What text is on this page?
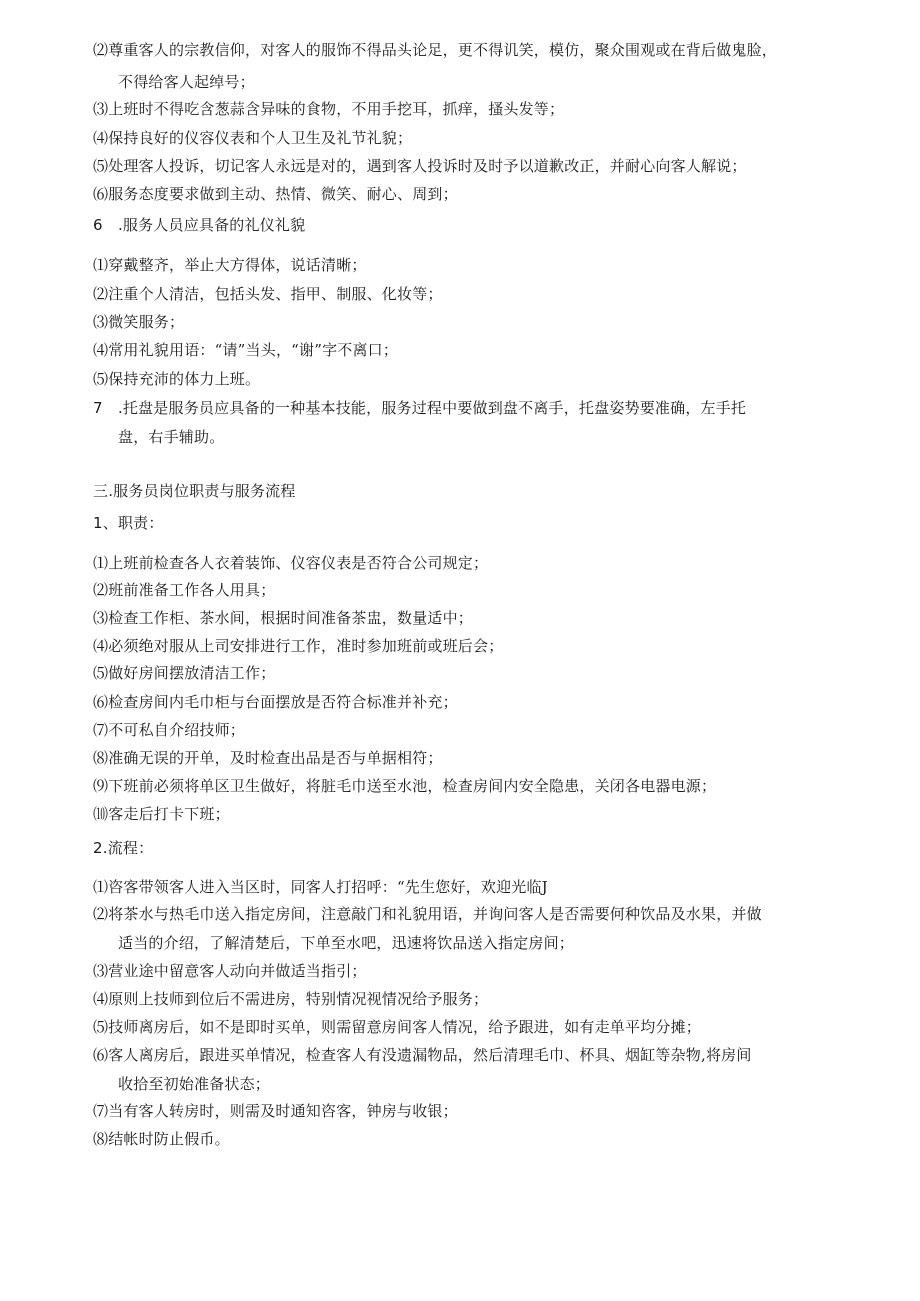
⑵尊重客人的宗教信仰，对客人的服饰不得品头论足，更不得讥笑，模仿，聚众围观或在背后做鬼脸，
不得给客人起绰号；
⑶上班时不得吃含葱蒜含异味的食物，不用手挖耳，抓痒，搔头发等；
⑷保持良好的仪容仪表和个人卫生及礼节礼貌；
⑸处理客人投诉，切记客人永远是对的，遇到客人投诉时及时予以道歉改正，并耐心向客人解说；
⑹服务态度要求做到主动、热情、微笑、耐心、周到；
6　.服务人员应具备的礼仪礼貌
⑴穿戴整齐，举止大方得体，说话清晰；
⑵注重个人清洁，包括头发、指甲、制服、化妆等；
⑶微笑服务；
⑷常用礼貌用语：“请”当头，“谢”字不离口；
⑸保持充沛的体力上班。
7　.托盘是服务员应具备的一种基本技能，服务过程中要做到盘不离手，托盘姿势要准确，左手托
盘，右手辅助。
三.服务员岗位职责与服务流程
1、职责：
⑴上班前检查各人衣着装饰、仪容仪表是否符合公司规定；
⑵班前准备工作各人用具；
⑶检查工作柜、茶水间，根据时间准备茶盅，数量适中；
⑷必须绝对服从上司安排进行工作，准时参加班前或班后会；
⑸做好房间摆放清洁工作；
⑹检查房间内毛巾柜与台面摆放是否符合标准并补充；
⑺不可私自介绍技师；
⑻准确无误的开单，及时检查出品是否与单据相符；
⑼下班前必须将单区卫生做好，将脏毛巾送至水池，检查房间内安全隐患，关闭各电器电源；
⑽客走后打卡下班；
2.流程：
⑴咨客带领客人进入当区时，同客人打招呼：“先生您好，欢迎光临J
⑵将茶水与热毛巾送入指定房间，注意敲门和礼貌用语，并询问客人是否需要何种饮品及水果，并做
适当的介绍，了解清楚后，下单至水吧，迅速将饮品送入指定房间；
⑶营业途中留意客人动向并做适当指引；
⑷原则上技师到位后不需进房，特别情况视情况给予服务；
⑸技师离房后，如不是即时买单，则需留意房间客人情况，给予跟进，如有走单平均分摊；
⑹客人离房后，跟进买单情况，检查客人有没遗漏物品，然后清理毛巾、杯具、烟缸等杂物,将房间
收拾至初始准备状态；
⑺当有客人转房时，则需及时通知咨客，钟房与收银；
⑻结帐时防止假币。
